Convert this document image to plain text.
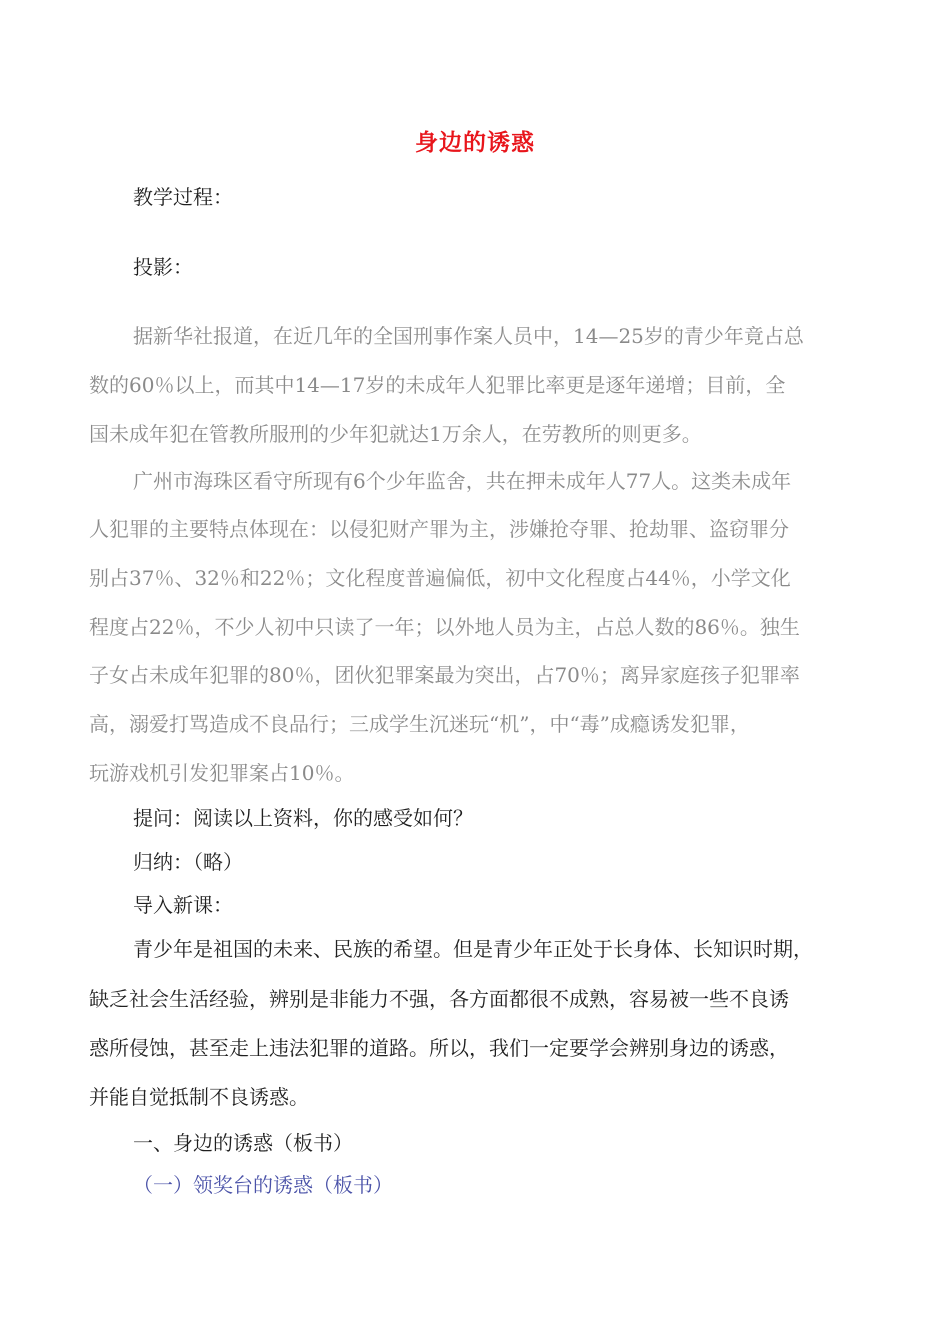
身边的诱惑
教学过程：
投影：
据新华社报道，在近几年的全国刑事作案人员中，14—25岁的青少年竟占总
数的60％以上，而其中14—17岁的未成年人犯罪比率更是逐年递增；目前，全
国未成年犯在管教所服刑的少年犯就达1万余人，在劳教所的则更多。
广州市海珠区看守所现有6个少年监舍，共在押未成年人77人。这类未成年
人犯罪的主要特点体现在：以侵犯财产罪为主，涉嫌抢夺罪、抢劫罪、盗窃罪分
别占37％、32％和22％；文化程度普遍偏低，初中文化程度占44％，小学文化
程度占22％，不少人初中只读了一年；以外地人员为主，占总人数的86％。独生
子女占未成年犯罪的80％，团伙犯罪案最为突出，占70％；离异家庭孩子犯罪率
高，溺爱打骂造成不良品行；三成学生沉迷玩“机”，中“毒”成瘾诱发犯罪，
玩游戏机引发犯罪案占10％。
提问：阅读以上资料，你的感受如何？
归纳：（略）
导入新课：
青少年是祖国的未来、民族的希望。但是青少年正处于长身体、长知识时期，
缺乏社会生活经验，辨别是非能力不强，各方面都很不成熟，容易被一些不良诱
惑所侵蚀，甚至走上违法犯罪的道路。所以，我们一定要学会辨别身边的诱惑，
并能自觉抵制不良诱惑。
一、身边的诱惑（板书）
（一）领奖台的诱惑（板书）
